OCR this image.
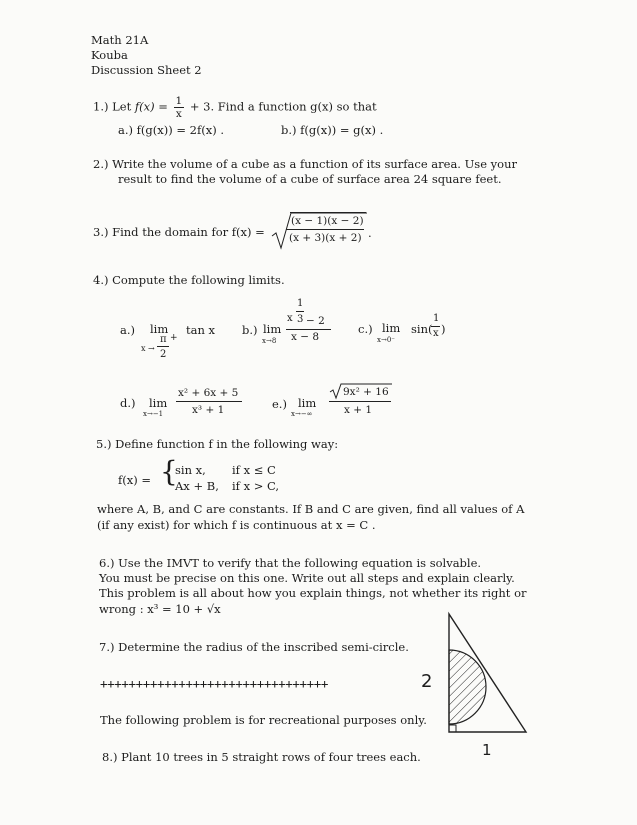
Math 21A
Kouba
Discussion Sheet 2
1.) Let $f(x) = \frac{1}{x} + 3$. Find a function g(x) so that
a.) f(g(x)) = 2f(x) .	b.) f(g(x)) = g(x) .
2.) Write the volume of a cube as a function of its surface area. Use your
result to find the volume of a cube of surface area 24 square feet.
3.) Find the domain for f(x) =
(x − 1)(x − 2)
(x + 3)(x + 2) .
4.) Compute the following limits.
a.) lim
π +
x →
2
tan x b.) lim
x→8
1
x 3 − 2
x − 8
c.) lim
x→0⁻
sin(
1
x )
d.) lim
x→−1
x² + 6x + 5
x³ + 1	e.) lim
x→−∞
9x² + 16
x + 1
5.) Define function f in the following way:
f(x) = {
sin x, if x ≤ C
Ax + B, if x > C,
where A, B, and C are constants. If B and C are given, find all values of A
(if any exist) for which f is continuous at x = C .
6.) Use the IMVT to verify that the following equation is solvable.
You must be precise on this one. Write out all steps and explain clearly.
This problem is all about how you explain things, not whether its right or
wrong : x³ = 10 + √x
7.) Determine the radius of the inscribed semi-circle.
++++++++++++++++++++++++++++++++	2
1
The following problem is for recreational purposes only.
8.) Plant 10 trees in 5 straight rows of four trees each.
